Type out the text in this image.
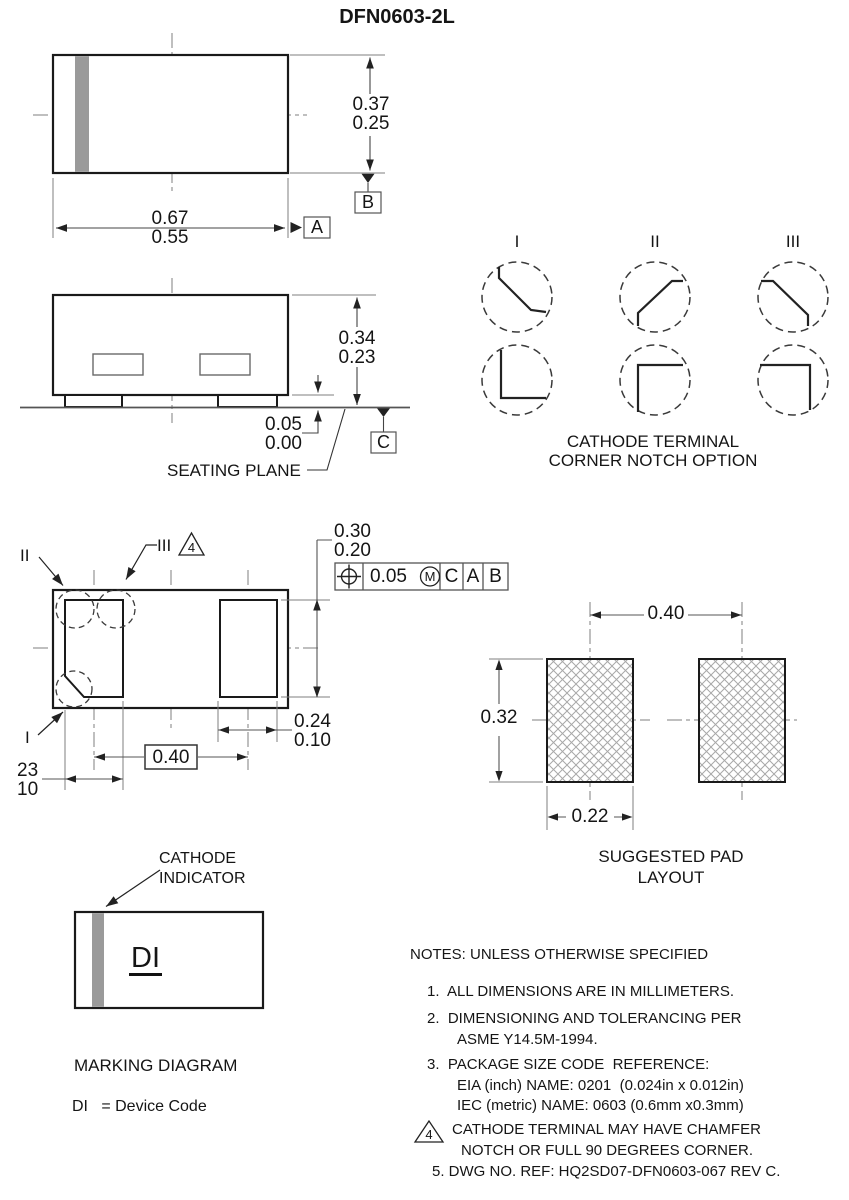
DFN0603-2L
0.37
0.25
0.67
0.55
B
A
0.34
0.23
0.05
0.00
SEATING PLANE
C
I	II	III
CATHODE TERMINAL
CORNER NOTCH OPTION
II
III
I
4
0.30
0.20
0.24
0.10
0.40
23
10
0.05 M C A B
0.40
0.32
0.22
SUGGESTED PAD
LAYOUT
CATHODE
INDICATOR
DI
MARKING DIAGRAM
DI   = Device Code
NOTES: UNLESS OTHERWISE SPECIFIED
1.  ALL DIMENSIONS ARE IN MILLIMETERS.
2.  DIMENSIONING AND TOLERANCING PER
ASME Y14.5M-1994.
3.  PACKAGE SIZE CODE  REFERENCE:
EIA (inch) NAME: 0201  (0.024in x 0.012in)
IEC (metric) NAME: 0603 (0.6mm x0.3mm)
4 CATHODE TERMINAL MAY HAVE CHAMFER
NOTCH OR FULL 90 DEGREES CORNER.
5. DWG NO. REF: HQ2SD07-DFN0603-067 REV C.
